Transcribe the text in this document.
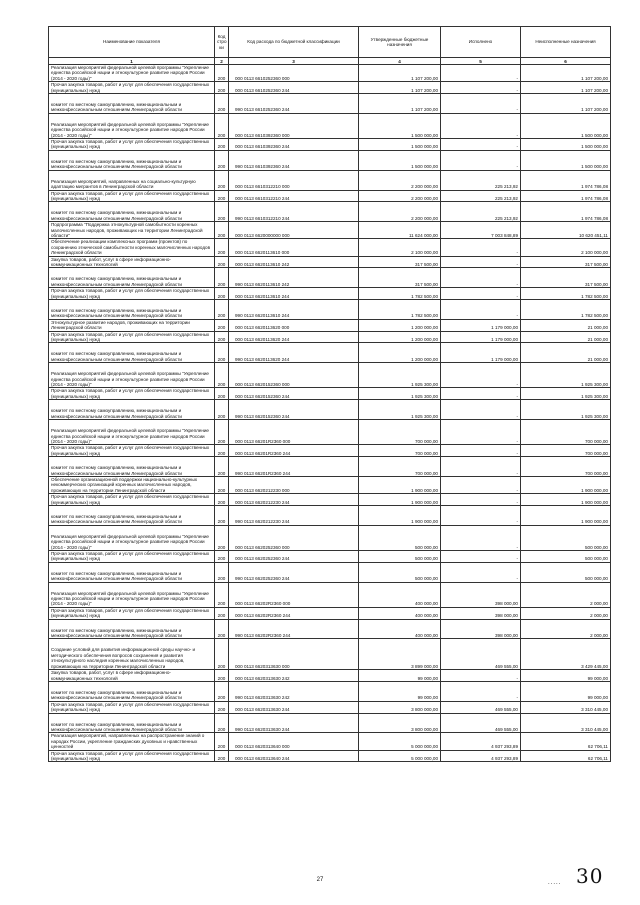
Наименование показателя	Код стро ки	Код расхода по бюджетной классификации	Утвержденные бюджетные назначения	Исполнено	Неисполненные назначения
1	2	3	4	5	6
Реализация мероприятий федеральной целевой программы "Укрепление единства российской нации и этнокультурное развитие народов России (2014 - 2020 годы)"	200	000 0113 6610252360 000	1 107 200,00	-	1 107 200,00
Прочая закупка товаров, работ и услуг для обеспечения государственных (муниципальных) нужд	200	000 0113 6610252360 244	1 107 200,00	-	1 107 200,00
комитет по местному самоуправлению, межнациональным и межконфессиональным отношениям Ленинградской области	200	990 0113 6610252360 244	1 107 200,00	-	1 107 200,00
Реализация мероприятий федеральной целевой программы "Укрепление единства российской нации и этнокультурное развитие народов России (2014 - 2020 годы)"	200	000 0113 6610392360 000	1 500 000,00	-	1 500 000,00
Прочая закупка товаров, работ и услуг для обеспечения государственных (муниципальных) нужд	200	000 0113 6610392360 244	1 500 000,00	-	1 500 000,00
комитет по местному самоуправлению, межнациональным и межконфессиональным отношениям Ленинградской области	200	990 0113 6610392360 244	1 500 000,00	-	1 500 000,00
Реализация мероприятий, направленных на социально-культурную адаптацию мигрантов в Ленинградской области	200	000 0113 6610312210 000	2 200 000,00	225 213,92	1 974 786,08
Прочая закупка товаров, работ и услуг для обеспечения государственных (муниципальных) нужд	200	000 0113 6610312210 244	2 200 000,00	225 213,92	1 974 786,08
комитет по местному самоуправлению, межнациональным и межконфессиональным отношениям Ленинградской области	200	990 0113 6610312210 244	2 200 000,00	225 213,92	1 974 786,08
Подпрограмма "Поддержка этнокультурной самобытности коренных малочисленных народов, проживающих на территории Ленинградской области"	200	000 0113 6620000000 000	11 624 000,00	7 003 848,89	10 620 451,11
Обеспечение реализации комплексных программ (проектов) по сохранению этнической самобытности коренных малочисленных народов Ленинградской области	200	000 0113 6620113610 000	2 100 000,00	-	2 100 000,00
Закупка товаров, работ, услуг в сфере информационно-коммуникационных технологий	200	000 0113 6620113610 242	317 500,00	-	317 500,00
комитет по местному самоуправлению, межнациональным и межконфессиональным отношениям Ленинградской области	200	990 0113 6620113610 242	317 500,00	-	317 500,00
Прочая закупка товаров, работ и услуг для обеспечения государственных (муниципальных) нужд	200	000 0113 6620113610 244	1 782 500,00	-	1 782 500,00
комитет по местному самоуправлению, межнациональным и межконфессиональным отношениям Ленинградской области	200	990 0113 6620113610 244	1 782 500,00	-	1 782 500,00
Этнокультурное развитие народов, проживающих на территории Ленинградской области	200	000 0113 6620113620 000	1 200 000,00	1 179 000,00	21 000,00
Прочая закупка товаров, работ и услуг для обеспечения государственных (муниципальных) нужд	200	000 0113 6620113620 244	1 200 000,00	1 179 000,00	21 000,00
комитет по местному самоуправлению, межнациональным и межконфессиональным отношениям Ленинградской области	200	990 0113 6620113620 244	1 200 000,00	1 179 000,00	21 000,00
Реализация мероприятий федеральной целевой программы "Укрепление единства российской нации и этнокультурное развитие народов России (2014 - 2020 годы)"	200	000 0113 6620152360 000	1 925 300,00	-	1 925 300,00
Прочая закупка товаров, работ и услуг для обеспечения государственных (муниципальных) нужд	200	000 0113 6620152360 244	1 925 300,00	-	1 925 300,00
комитет по местному самоуправлению, межнациональным и межконфессиональным отношениям Ленинградской области	200	990 0113 6620152360 244	1 925 300,00	-	1 925 300,00
Реализация мероприятий федеральной целевой программы "Укрепление единства российской нации и этнокультурное развитие народов России (2014 - 2020 годы)"	200	000 0113 66201R2360 000	700 000,00	-	700 000,00
Прочая закупка товаров, работ и услуг для обеспечения государственных (муниципальных) нужд	200	000 0113 66201R2360 244	700 000,00	-	700 000,00
комитет по местному самоуправлению, межнациональным и межконфессиональным отношениям Ленинградской области	200	990 0113 66201R2360 244	700 000,00	-	700 000,00
Обеспечение организационной поддержки национально-культурных некоммерческих организаций коренных малочисленных народов, проживающих на территории Ленинградской области	200	000 0113 6620212230 000	1 900 000,00	-	1 900 000,00
Прочая закупка товаров, работ и услуг для обеспечения государственных (муниципальных) нужд	200	000 0113 6620212230 244	1 900 000,00	-	1 900 000,00
комитет по местному самоуправлению, межнациональным и межконфессиональным отношениям Ленинградской области	200	990 0113 6620212230 244	1 900 000,00	-	1 900 000,00
Реализация мероприятий федеральной целевой программы "Укрепление единства российской нации и этнокультурное развитие народов России (2014 - 2020 годы)"	200	000 0113 6620252360 000	500 000,00	-	500 000,00
Прочая закупка товаров, работ и услуг для обеспечения государственных (муниципальных) нужд	200	000 0113 6620252360 244	500 000,00	-	500 000,00
комитет по местному самоуправлению, межнациональным и межконфессиональным отношениям Ленинградской области	200	990 0113 6620252360 244	500 000,00	-	500 000,00
Реализация мероприятий федеральной целевой программы "Укрепление единства российской нации и этнокультурное развитие народов России (2014 - 2020 годы)"	200	000 0113 66202R2360 000	400 000,00	398 000,00	2 000,00
Прочая закупка товаров, работ и услуг для обеспечения государственных (муниципальных) нужд	200	000 0113 66202R2360 244	400 000,00	398 000,00	2 000,00
комитет по местному самоуправлению, межнациональным и межконфессиональным отношениям Ленинградской области	200	990 0113 66202R2360 244	400 000,00	398 000,00	2 000,00
Создание условий для развития информационной среды научно- и методического обеспечения вопросов сохранения и развития этнокультурного наследия коренных малочисленных народов, проживающих на территории Ленинградской области	200	000 0113 6620313630 000	3 899 000,00	469 555,00	3 429 445,00
Закупка товаров, работ, услуг в сфере информационно-коммуникационных технологий	200	000 0113 6620313630 242	99 000,00	-	99 000,00
комитет по местному самоуправлению, межнациональным и межконфессиональным отношениям Ленинградской области	200	990 0113 6620313630 242	99 000,00	-	99 000,00
Прочая закупка товаров, работ и услуг для обеспечения государственных (муниципальных) нужд	200	000 0113 6620313630 244	3 800 000,00	469 555,00	3 310 445,00
комитет по местному самоуправлению, межнациональным и межконфессиональным отношениям Ленинградской области	200	990 0113 6620313630 244	3 800 000,00	469 555,00	3 310 445,00
Реализация мероприятий, направленных на распространение знаний о народах России, укрепление гражданских духовных и нравственных ценностей	200	000 0113 6620313640 000	5 000 000,00	4 937 293,89	62 706,11
Прочая закупка товаров, работ и услуг для обеспечения государственных (муниципальных) нужд	200	000 0113 6620313640 244	5 000 000,00	4 937 293,89	62 706,11
27	..... 30
